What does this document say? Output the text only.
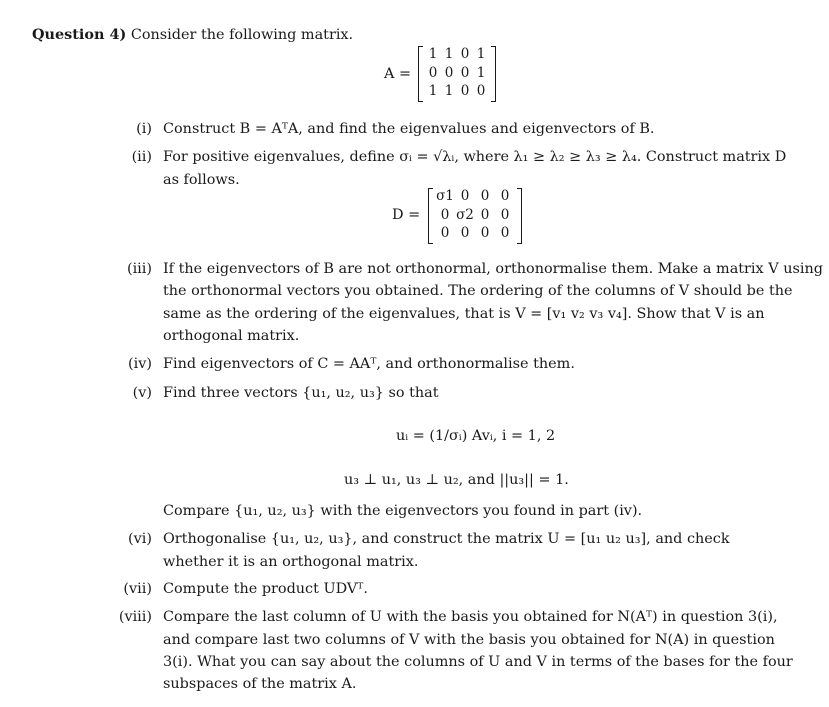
Question 4) Consider the following matrix.
A =
1 1 0 1
0 0 0 1
1 1 0 0
(i) Construct B = AᵀA, and find the eigenvalues and eigenvectors of B.
(ii) For positive eigenvalues, define σᵢ = √λᵢ, where λ₁ ≥ λ₂ ≥ λ₃ ≥ λ₄. Construct matrix D
as follows.
D =
σ1 0 0 0
0 σ2 0 0
0 0 0 0
(iii) If the eigenvectors of B are not orthonormal, orthonormalise them. Make a matrix V using
the orthonormal vectors you obtained. The ordering of the columns of V should be the
same as the ordering of the eigenvalues, that is V = [v₁ v₂ v₃ v₄]. Show that V is an
orthogonal matrix.
(iv) Find eigenvectors of C = AAᵀ, and orthonormalise them.
(v) Find three vectors {u₁, u₂, u₃} so that
uᵢ = (1/σᵢ) Avᵢ, i = 1, 2
u₃ ⊥ u₁, u₃ ⊥ u₂, and ||u₃|| = 1.
Compare {u₁, u₂, u₃} with the eigenvectors you found in part (iv).
(vi) Orthogonalise {u₁, u₂, u₃}, and construct the matrix U = [u₁ u₂ u₃], and check
whether it is an orthogonal matrix.
(vii) Compute the product UDVᵀ.
(viii) Compare the last column of U with the basis you obtained for N(Aᵀ) in question 3(i),
and compare last two columns of V with the basis you obtained for N(A) in question
3(i). What you can say about the columns of U and V in terms of the bases for the four
subspaces of the matrix A.
